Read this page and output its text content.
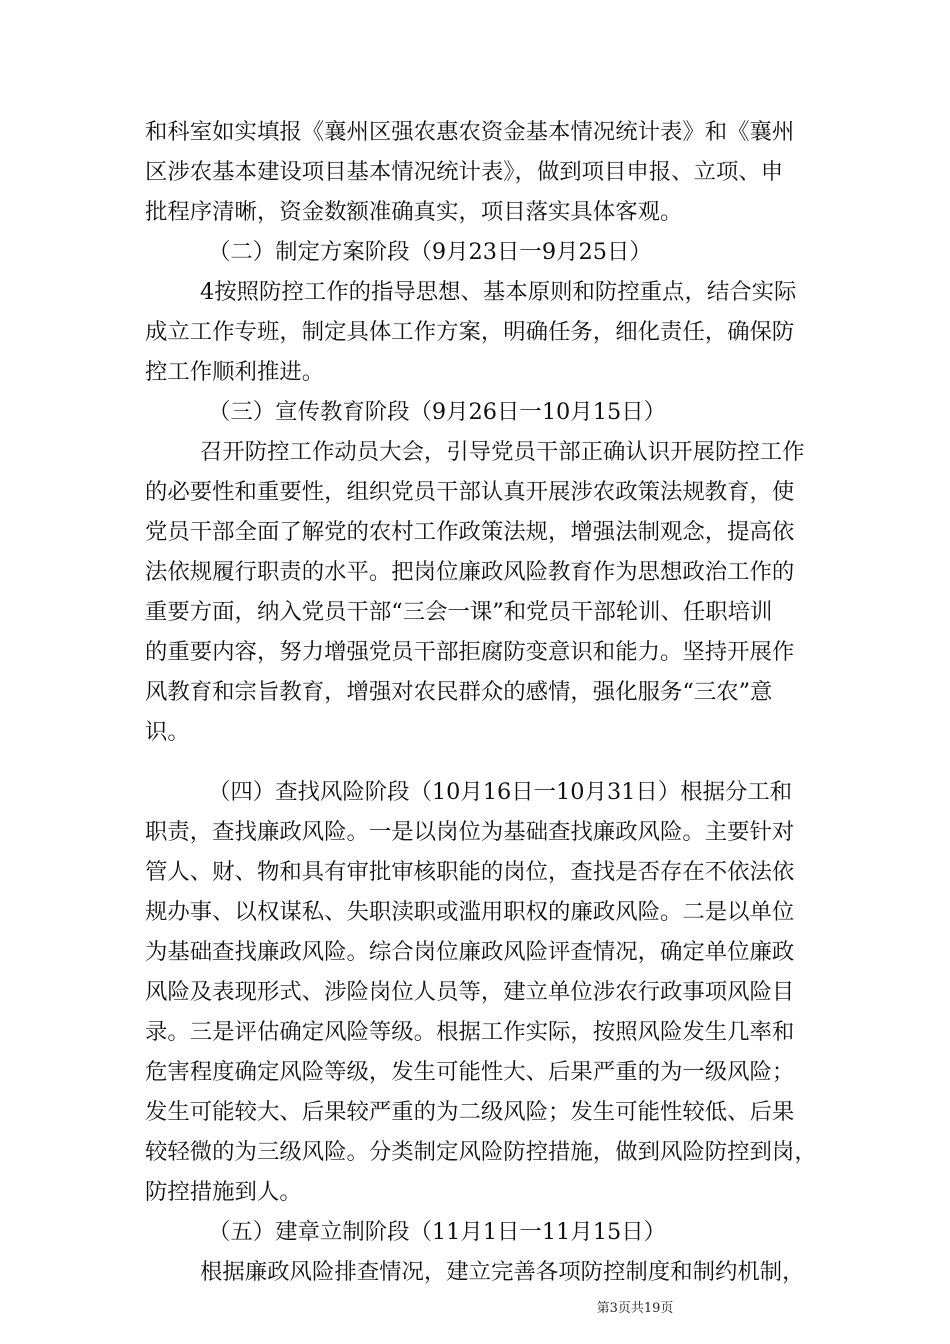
和科室如实填报《襄州区强农惠农资金基本情况统计表》和《襄州
区涉农基本建设项目基本情况统计表》，做到项目申报、立项、申
批程序清晰，资金数额准确真实，项目落实具体客观。
（二）制定方案阶段（9月23日一9月25日）
4按照防控工作的指导思想、基本原则和防控重点，结合实际
成立工作专班，制定具体工作方案，明确任务，细化责任，确保防
控工作顺利推进。
（三）宣传教育阶段（9月26日一10月15日）
召开防控工作动员大会，引导党员干部正确认识开展防控工作
的必要性和重要性，组织党员干部认真开展涉农政策法规教育，使
党员干部全面了解党的农村工作政策法规，增强法制观念，提高依
法依规履行职责的水平。把岗位廉政风险教育作为思想政治工作的
重要方面，纳入党员干部“三会一课”和党员干部轮训、任职培训
的重要内容，努力增强党员干部拒腐防变意识和能力。坚持开展作
风教育和宗旨教育，增强对农民群众的感情，强化服务“三农”意
识。
（四）查找风险阶段（10月16日一10月31日）根据分工和
职责，查找廉政风险。一是以岗位为基础查找廉政风险。主要针对
管人、财、物和具有审批审核职能的岗位，查找是否存在不依法依
规办事、以权谋私、失职渎职或滥用职权的廉政风险。二是以单位
为基础查找廉政风险。综合岗位廉政风险评查情况，确定单位廉政
风险及表现形式、涉险岗位人员等，建立单位涉农行政事项风险目
录。三是评估确定风险等级。根据工作实际，按照风险发生几率和
危害程度确定风险等级，发生可能性大、后果严重的为一级风险；
发生可能较大、后果较严重的为二级风险；发生可能性较低、后果
较轻微的为三级风险。分类制定风险防控措施，做到风险防控到岗，
防控措施到人。
（五）建章立制阶段（11月1日一11月15日）
根据廉政风险排查情况，建立完善各项防控制度和制约机制，
第3页共19页
